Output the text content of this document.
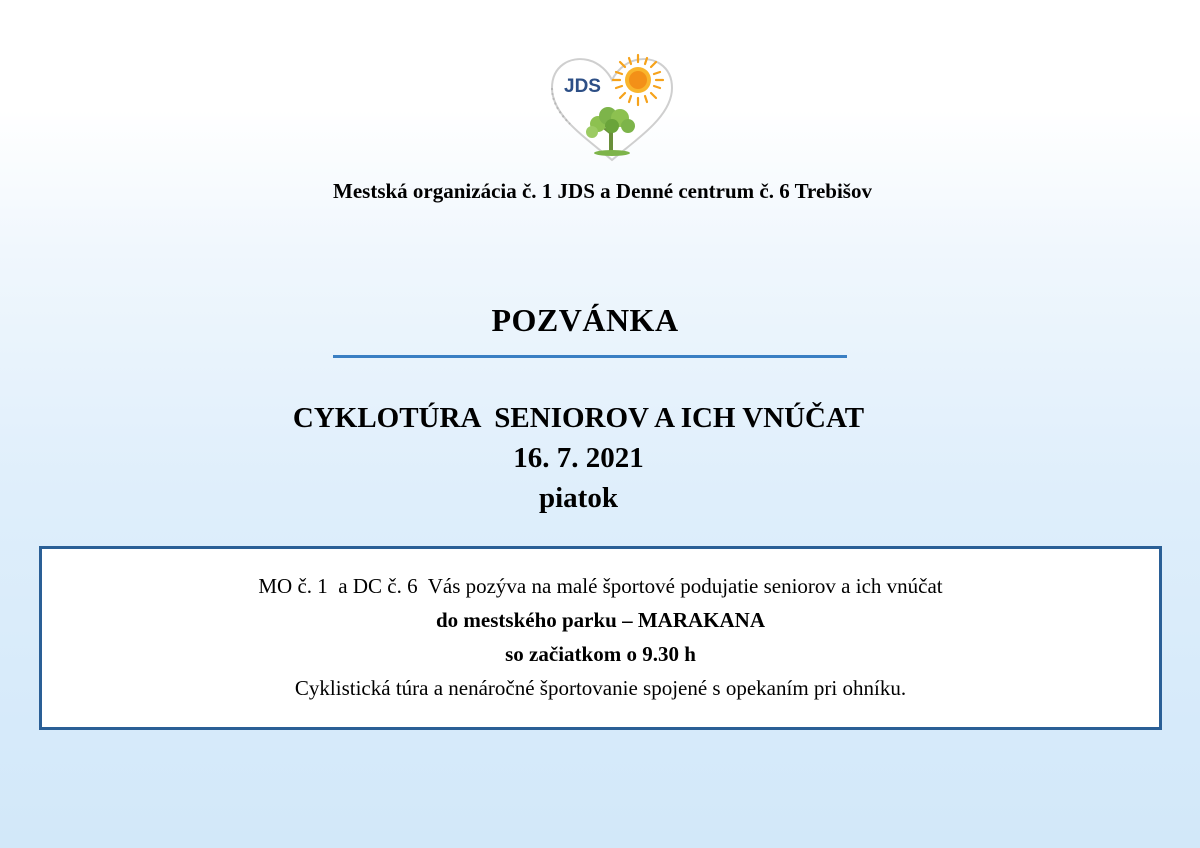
JDS
Mestská organizácia č. 1 JDS a Denné centrum č. 6 Trebišov
POZVÁNKA
CYKLOTÚRA  SENIOROV A ICH VNÚČAT
16. 7. 2021
piatok
MO č. 1  a DC č. 6  Vás pozýva na malé športové podujatie seniorov a ich vnúčat
do mestského parku – MARAKANA
so začiatkom o 9.30 h
Cyklistická túra a nenáročné športovanie spojené s opekaním pri ohníku.
